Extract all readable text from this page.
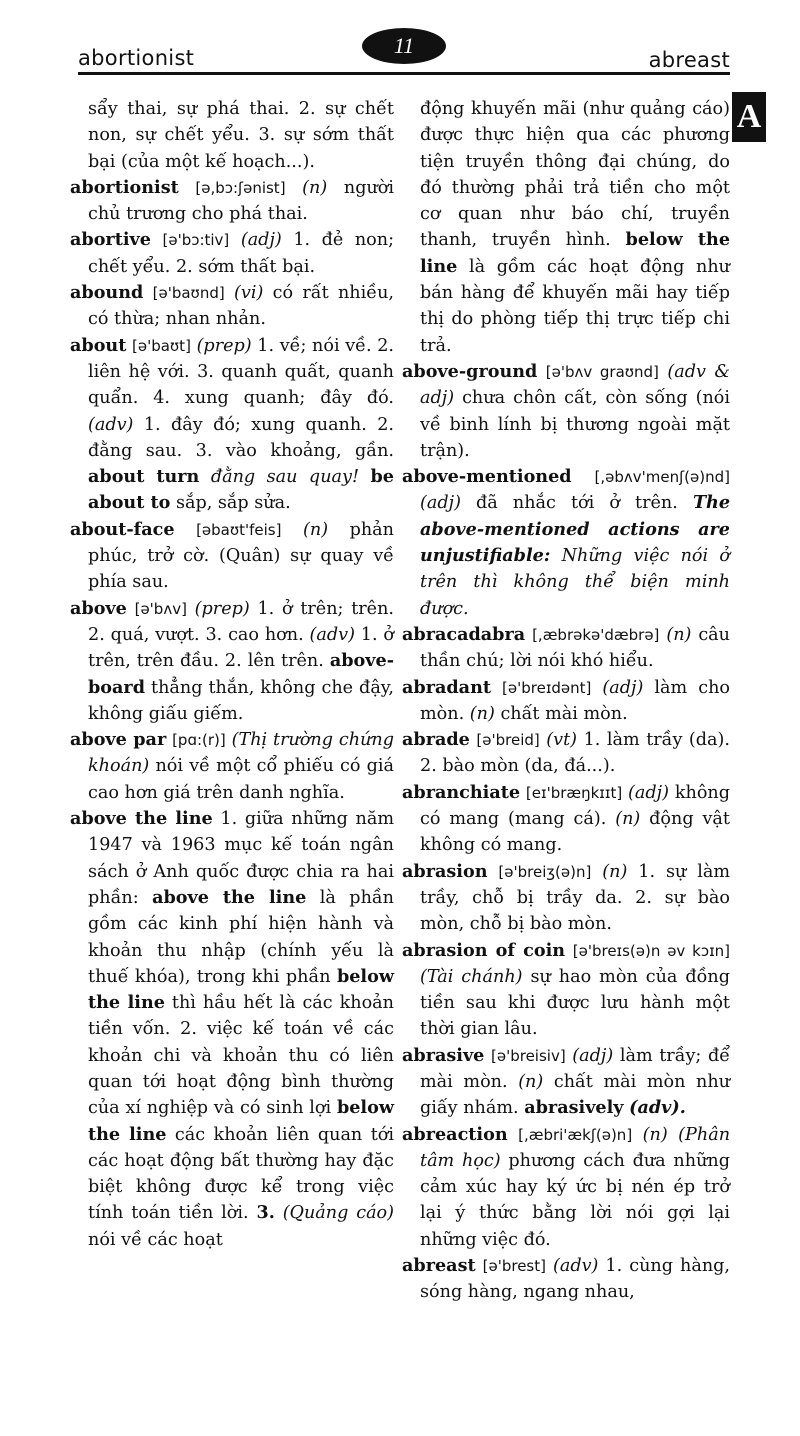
abortionist	abreast
11
A

sẩy thai, sự phá thai. 2. sự chết non, sự chết yểu. 3. sự sớm thất bại (của một kế hoạch...).

abortionist [ə,bɔ:ʃənist] (n) người chủ trương cho phá thai.

abortive [ə'bɔ:tiv] (adj) 1. đẻ non; chết yểu. 2. sớm thất bại.

abound [ə'baʊnd] (vi) có rất nhiều, có thừa; nhan nhản.

about [ə'baʊt] (prep) 1. về; nói về. 2. liên hệ với. 3. quanh quất, quanh quẩn. 4. xung quanh; đây đó. (adv) 1. đây đó; xung quanh. 2. đằng sau. 3. vào khoảng, gần. about turn đằng sau quay! be about to sắp, sắp sửa.

about-face [əbaʊt'feis] (n) phản phúc, trở cờ. (Quân) sự quay về phía sau.

above [ə'bʌv] (prep) 1. ở trên; trên. 2. quá, vượt. 3. cao hơn. (adv) 1. ở trên, trên đầu. 2. lên trên. above-board thẳng thắn, không che đậy, không giấu giếm.

above par [pɑ:(r)] (Thị trường chứng khoán) nói về một cổ phiếu có giá cao hơn giá trên danh nghĩa.

above the line 1. giữa những năm 1947 và 1963 mục kế toán ngân sách ở Anh quốc được chia ra hai phần: above the line là phần gồm các kinh phí hiện hành và khoản thu nhập (chính yếu là thuế khóa), trong khi phần below the line thì hầu hết là các khoản tiền vốn. 2. việc kế toán về các khoản chi và khoản thu có liên quan tới hoạt động bình thường của xí nghiệp và có sinh lợi below the line các khoản liên quan tới các hoạt động bất thường hay đặc biệt không được kể trong việc tính toán tiền lời. 3. (Quảng cáo) nói về các hoạt

động khuyến mãi (như quảng cáo) được thực hiện qua các phương tiện truyền thông đại chúng, do đó thường phải trả tiền cho một cơ quan như báo chí, truyền thanh, truyền hình. below the line là gồm các hoạt động như bán hàng để khuyến mãi hay tiếp thị do phòng tiếp thị trực tiếp chi trả.

above-ground [ə'bʌv graʊnd] (adv & adj) chưa chôn cất, còn sống (nói về binh lính bị thương ngoài mặt trận).

above-mentioned [,əbʌv'menʃ(ə)nd] (adj) đã nhắc tới ở trên. The above-mentioned actions are unjustifiable: Những việc nói ở trên thì không thể biện minh được.

abracadabra [,æbrəkə'dæbrə] (n) câu thần chú; lời nói khó hiểu.

abradant [ə'breɪdənt] (adj) làm cho mòn. (n) chất mài mòn.

abrade [ə'breid] (vt) 1. làm trầy (da). 2. bào mòn (da, đá...).

abranchiate [eɪ'bræŋkɪɪt] (adj) không có mang (mang cá). (n) động vật không có mang.

abrasion [ə'breiʒ(ə)n] (n) 1. sự làm trầy, chỗ bị trầy da. 2. sự bào mòn, chỗ bị bào mòn.

abrasion of coin [ə'breɪs(ə)n əv kɔɪn] (Tài chánh) sự hao mòn của đồng tiền sau khi được lưu hành một thời gian lâu.

abrasive [ə'breisiv] (adj) làm trầy; để mài mòn. (n) chất mài mòn như giấy nhám. abrasively (adv).

abreaction [,æbri'ækʃ(ə)n] (n) (Phân tâm học) phương cách đưa những cảm xúc hay ký ức bị nén ép trở lại ý thức bằng lời nói gợi lại những việc đó.

abreast [ə'brest] (adv) 1. cùng hàng, sóng hàng, ngang nhau,
